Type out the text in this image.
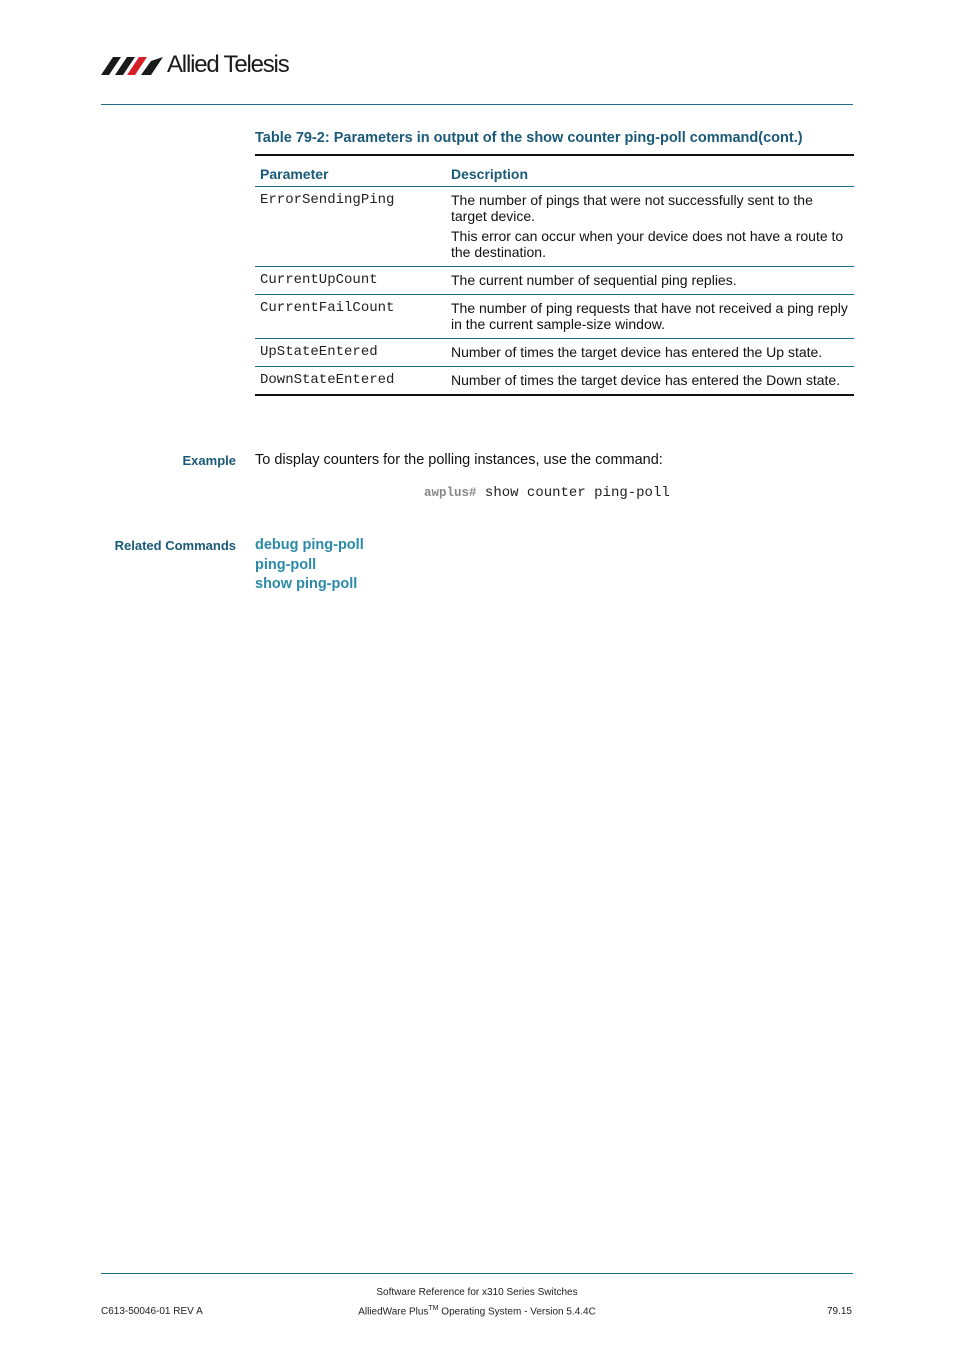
Allied Telesis
Table 79-2: Parameters in output of the show counter ping-poll command(cont.)
Parameter	Description
ErrorSendingPing	The number of pings that were not successfully sent to the target device.

This error can occur when your device does not have a route to the destination.

CurrentUpCount	The current number of sequential ping replies.

CurrentFailCount	The number of ping requests that have not received a ping reply in the current sample-size window.

UpStateEntered	Number of times the target device has entered the Up state.

DownStateEntered	Number of times the target device has entered the Down state.

Example To display counters for the polling instances, use the command:
awplus# show counter ping-poll
Related Commands debug ping-poll
ping-poll
show ping-poll
Software Reference for x310 Series Switches
AlliedWare Plus™ Operating System - Version 5.4.4C
C613-50046-01 REV A	79.15
